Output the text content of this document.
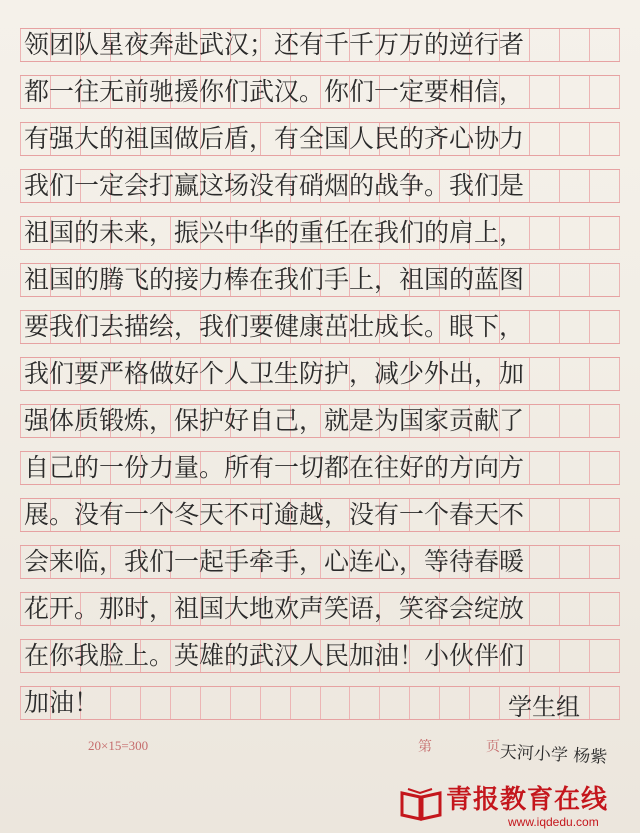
领团队星夜奔赴武汉；还有千千万万的逆行者
都一往无前驰援你们武汉。你们一定要相信，
有强大的祖国做后盾，有全国人民的齐心协力
我们一定会打赢这场没有硝烟的战争。我们是
祖国的未来，振兴中华的重任在我们的肩上，
祖国的腾飞的接力棒在我们手上，祖国的蓝图
要我们去描绘，我们要健康茁壮成长。眼下，
我们要严格做好个人卫生防护，减少外出，加
强体质锻炼，保护好自己，就是为国家贡献了
自己的一份力量。所有一切都在往好的方向方
展。没有一个冬天不可逾越，没有一个春天不
会来临，我们一起手牵手，心连心，等待春暖
花开。那时，祖国大地欢声笑语，笑容会绽放
在你我脸上。英雄的武汉人民加油！小伙伴们
加油！	学生组
20×15=300	第	页 天河小学 杨紫
青报教育在线
www.iqdedu.com
